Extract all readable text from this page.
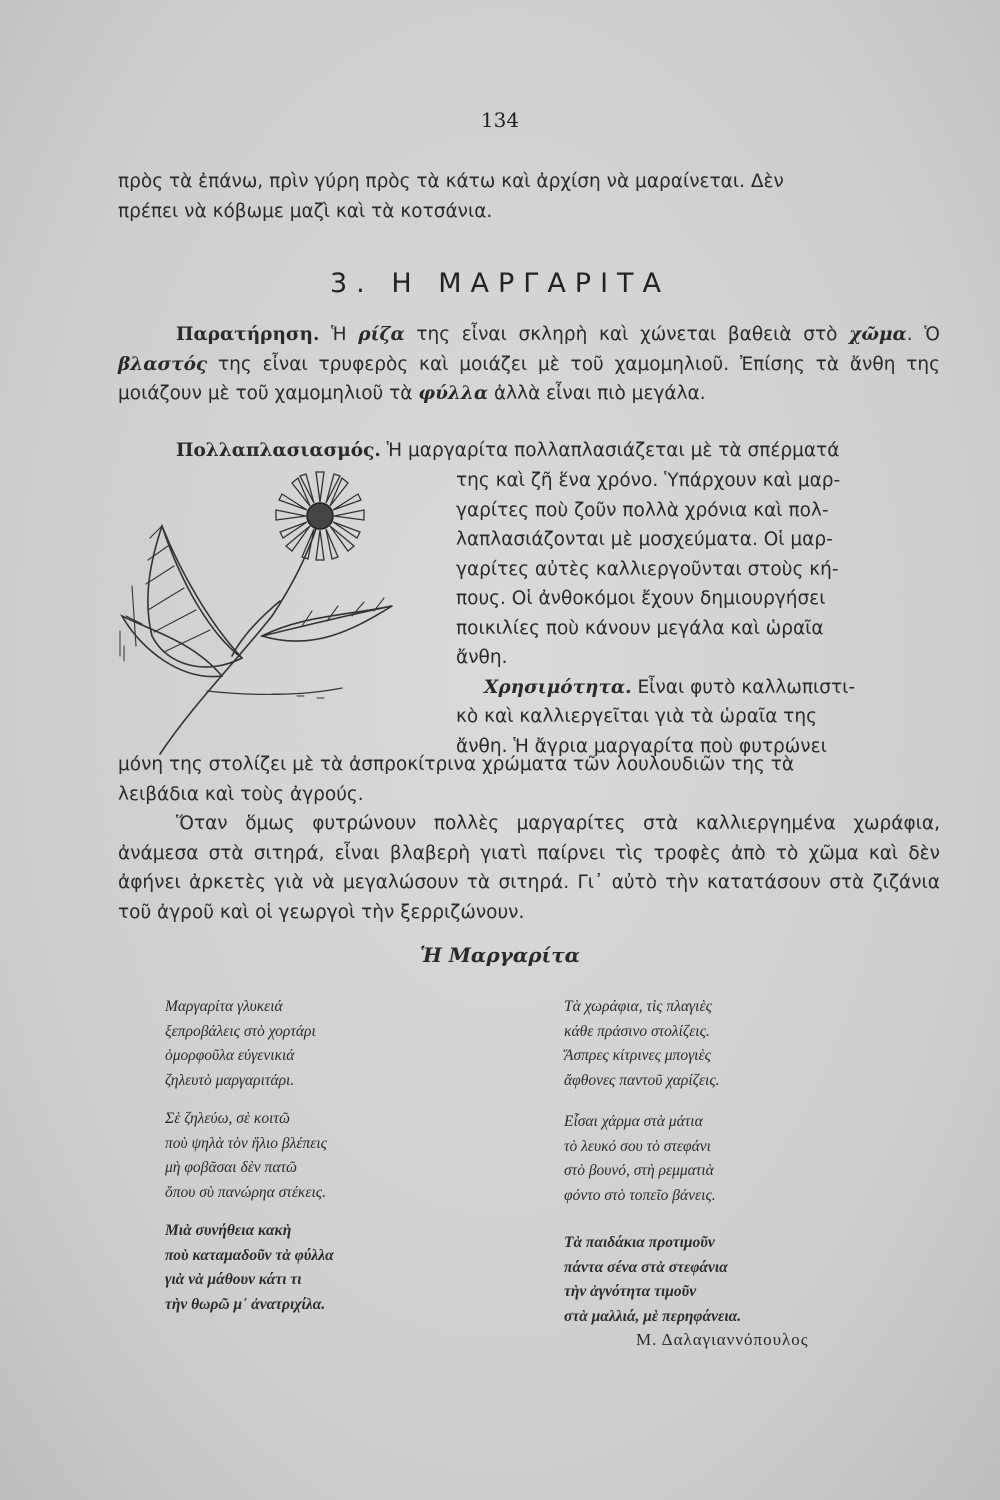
134
πρὸς τὰ ἐπάνω, πρὶν γύρη πρὸς τὰ κάτω καὶ ἀρχίση νὰ μαραίνεται. Δὲν
πρέπει νὰ κόβωμε μαζὶ καὶ τὰ κοτσάνια.
3. Η ΜΑΡΓΑΡΙΤΑ

Παρατήρηση. Ἡ ρίζα της εἶναι σκληρὴ καὶ χώνεται βαθειὰ στὸ χῶμα. Ὁ βλαστός της εἶναι τρυφερὸς καὶ μοιάζει μὲ τοῦ χαμομηλιοῦ. Ἐπίσης τὰ ἄνθη της μοιάζουν μὲ τοῦ χαμομηλιοῦ τὰ φύλλα ἀλλὰ εἶναι πιὸ μεγάλα.

Πολλαπλασιασμός. Ἡ μαργαρίτα πολλαπλασιάζεται μὲ τὰ σπέρματά
της καὶ ζῆ ἕνα χρόνο. Ὑπάρχουν καὶ μαρ-
γαρίτες ποὺ ζοῦν πολλὰ χρόνια καὶ πολ-
λαπλασιάζονται μὲ μοσχεύματα. Οἱ μαρ-
γαρίτες αὐτὲς καλλιεργοῦνται στοὺς κή-
πους. Οἱ ἀνθοκόμοι ἔχουν δημιουργήσει
ποικιλίες ποὺ κάνουν μεγάλα καὶ ὡραῖα
ἄνθη.
Χρησιμότητα. Εἶναι φυτὸ καλλωπιστι-
κὸ καὶ καλλιεργεῖται γιὰ τὰ ὡραῖα της
ἄνθη. Ἡ ἄγρια μαργαρίτα ποὺ φυτρώνει
μόνη της στολίζει μὲ τὰ ἀσπροκίτρινα χρώματα τῶν λουλουδιῶν της τὰ
λειβάδια καὶ τοὺς ἀγρούς.

Ὅταν ὅμως φυτρώνουν πολλὲς μαργαρίτες στὰ καλλιεργημένα χωράφια, ἀνάμεσα στὰ σιτηρά, εἶναι βλαβερὴ γιατὶ παίρνει τὶς τροφὲς ἀπὸ τὸ χῶμα καὶ δὲν ἀφήνει ἀρκετὲς γιὰ νὰ μεγαλώσουν τὰ σιτηρά. Γι᾿ αὐτὸ τὴν κατατάσουν στὰ ζιζάνια τοῦ ἀγροῦ καὶ οἱ γεωργοὶ τὴν ξερριζώνουν.

Ἡ Μαργαρίτα
Μαργαρίτα γλυκειά
ξεπροβάλεις στὸ χορτάρι
ὁμορφοῦλα εὐγενικιά
ζηλευτὸ μαργαριτάρι.
Σὲ ζηλεύω, σὲ κοιτῶ
ποὺ ψηλὰ τὸν ἥλιο βλέπεις
μὴ φοβᾶσαι δὲν πατῶ
ὅπου σὺ πανώρηα στέκεις.
Μιὰ συνήθεια κακὴ
ποὺ καταμαδοῦν τὰ φύλλα
γιὰ νὰ μάθουν κάτι τι
τὴν θωρῶ μ᾿ ἀνατριχίλα.
Τὰ χωράφια, τὶς πλαγιὲς
κάθε πράσινο στολίζεις.
Ἄσπρες κίτρινες μπογιὲς
ἄφθονες παντοῦ χαρίζεις.
Εἶσαι χάρμα στὰ μάτια
τὸ λευκό σου τὸ στεφάνι
στὸ βουνό, στὴ ρεμματιὰ
φόντο στὸ τοπεῖο βάνεις.
Τὰ παιδάκια προτιμοῦν
πάντα σένα στὰ στεφάνια
τὴν ἁγνότητα τιμοῦν
στὰ μαλλιά, μὲ περηφάνεια.
Μ. Δαλαγιαννόπουλος
